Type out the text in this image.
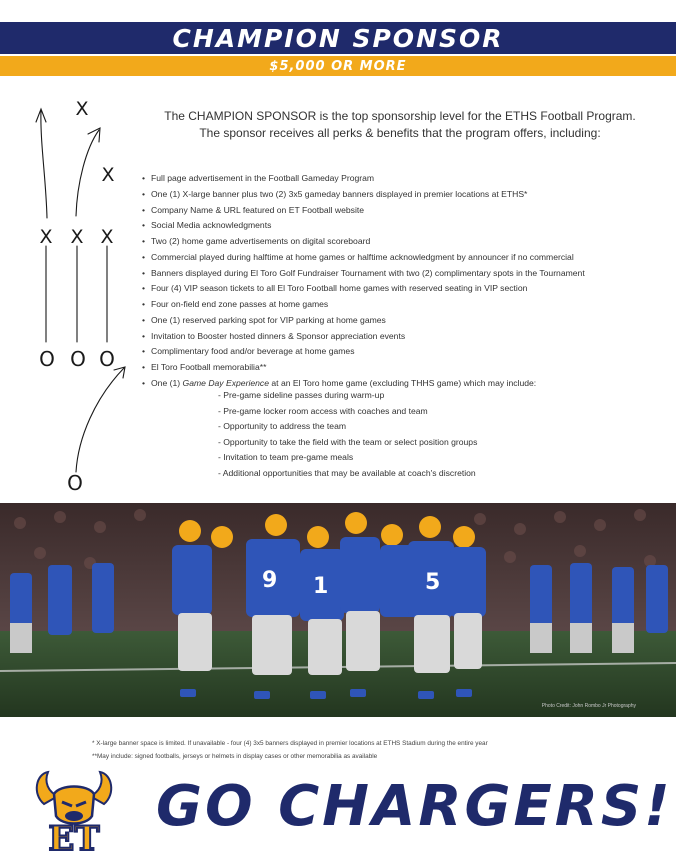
CHAMPION SPONSOR
$5,000 OR MORE
X
X
X X X
O O O
O
The CHAMPION SPONSOR is the top sponsorship level for the ETHS Football Program.
The sponsor receives all perks & benefits that the program offers, including:
• Full page advertisement in the Football Gameday Program
• One (1) X-large banner plus two (2) 3x5 gameday banners displayed in premier locations at ETHS*
• Company Name & URL featured on ET Football website
• Social Media acknowledgments
• Two (2) home game advertisements on digital scoreboard
• Commercial played during halftime at home games or halftime acknowledgment by announcer if no commercial
• Banners displayed during El Toro Golf Fundraiser Tournament with two (2) complimentary spots in the Tournament
• Four (4) VIP season tickets to all El Toro Football home games with reserved seating in VIP section
• Four on-field end zone passes at home games
• One (1) reserved parking spot for VIP parking at home games
• Invitation to Booster hosted dinners & Sponsor appreciation events
• Complimentary food and/or beverage at home games
• El Toro Football memorabilia**
• One (1) Game Day Experience at an El Toro home game (excluding THHS game) which may include:
- Pre-game sideline passes during warm-up
- Pre-game locker room access with coaches and team
- Opportunity to address the team
- Opportunity to take the field with the team or select position groups
- Invitation to team pre-game meals
- Additional opportunities that may be available at coach's discretion
9 1	5
Photo Credit: John Rombo Jr Photography
* X-large banner space is limited. If unavailable - four (4) 3x5 banners displayed in premier locations at ETHS Stadium during the entire year
**May include: signed footballs, jerseys or helmets in display cases or other memorabilia as available
ET GO CHARGERS!
